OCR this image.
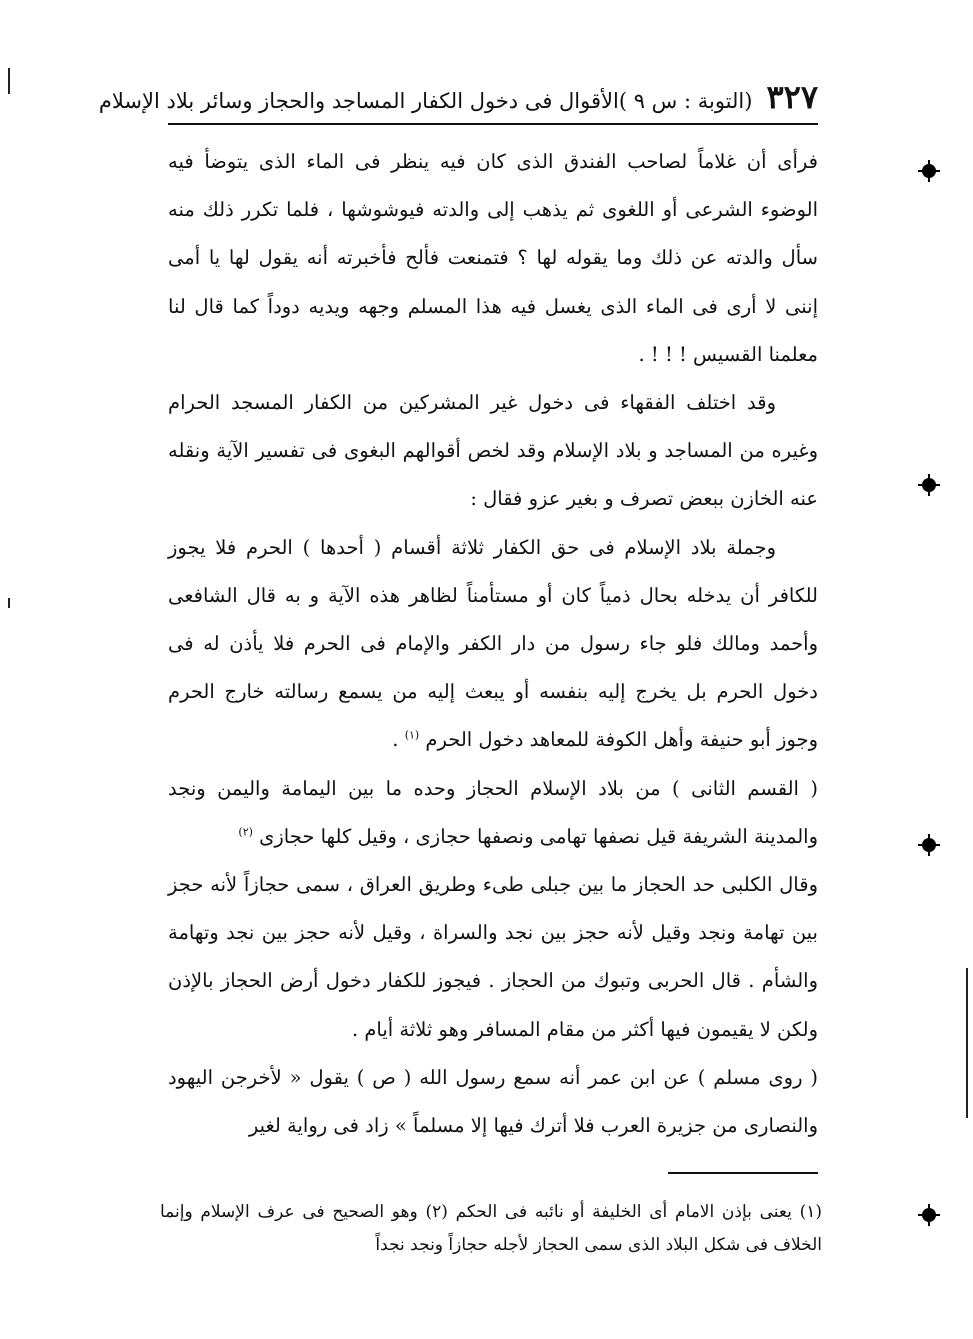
٣٢٧
(التوبة : س ٩ )الأقوال فى دخول الكفار المساجد والحجاز وسائر بلاد الإسلام

فرأى أن غلاماً لصاحب الفندق الذى كان فيه ينظر فى الماء الذى يتوضأ فيه الوضوء الشرعى أو اللغوى ثم يذهب إلى والدته فيوشوشها ، فلما تكرر ذلك منه سأل والدته عن ذلك وما يقوله لها ؟ فتمنعت فألح فأخبرته أنه يقول لها يا أمى إننى لا أرى فى الماء الذى يغسل فيه هذا المسلم وجهه ويديه دوداً كما قال لنا معلمنا القسيس ! ! ! .

وقد اختلف الفقهاء فى دخول غير المشركين من الكفار المسجد الحرام وغيره من المساجد و بلاد الإسلام وقد لخص أقوالهم البغوى فى تفسير الآية ونقله عنه الخازن ببعض تصرف و بغير عزو فقال :

وجملة بلاد الإسلام فى حق الكفار ثلاثة أقسام ( أحدها ) الحرم فلا يجوز للكافر أن يدخله بحال ذمياً كان أو مستأمناً لظاهر هذه الآية و به قال الشافعى وأحمد ومالك فلو جاء رسول من دار الكفر والإمام فى الحرم فلا يأذن له فى دخول الحرم بل يخرج إليه بنفسه أو يبعث إليه من يسمع رسالته خارج الحرم وجوز أبو حنيفة وأهل الكوفة للمعاهد دخول الحرم $^{(١)}$ .

( القسم الثانى ) من بلاد الإسلام الحجاز وحده ما بين اليمامة واليمن ونجد والمدينة الشريفة قيل نصفها تهامى ونصفها حجازى ، وقيل كلها حجازى $^{(٢)}$

وقال الكلبى حد الحجاز ما بين جبلى طىء وطريق العراق ، سمى حجازاً لأنه حجز بين تهامة ونجد وقيل لأنه حجز بين نجد والسراة ، وقيل لأنه حجز بين نجد وتهامة والشأم . قال الحربى وتبوك من الحجاز . فيجوز للكفار دخول أرض الحجاز بالإذن ولكن لا يقيمون فيها أكثر من مقام المسافر وهو ثلاثة أيام .

( روى مسلم ) عن ابن عمر أنه سمع رسول الله ( ص ) يقول « لأخرجن اليهود والنصارى من جزيرة العرب فلا أترك فيها إلا مسلماً » زاد فى رواية لغير

(١) يعنى بإذن الامام أى الخليفة أو نائبه فى الحكم (٢) وهو الصحيح فى عرف الإسلام وإنما الخلاف فى شكل البلاد الذى سمى الحجاز لأجله حجازاً ونجد نجداً
